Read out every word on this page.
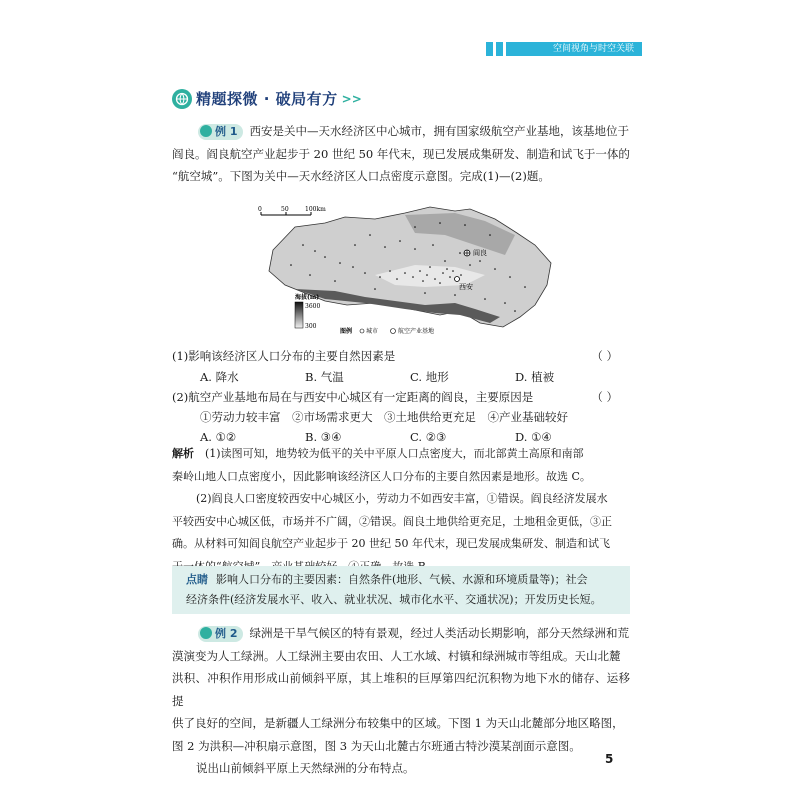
空间视角与时空关联
精题探微 · 破局有方 >>
例 1 西安是关中—天水经济区中心城市，拥有国家级航空产业基地，该基地位于
阎良。阎良航空产业起步于 20 世纪 50 年代末，现已发展成集研发、制造和试飞于一体的
“航空城”。下图为关中—天水经济区人口点密度示意图。完成(1)—(2)题。
0	50	100km
阎良
西安
海拔(m)
3600
300
图例 城市	航空产业基地
(1)影响该经济区人口分布的主要自然因素是	（ ）
A. 降水	B. 气温	C. 地形	D. 植被
(2)航空产业基地布局在与西安中心城区有一定距离的阎良，主要原因是	（ ）
①劳动力较丰富　②市场需求更大　③土地供给更充足　④产业基础较好
A. ①②	B. ③④	C. ②③	D. ①④
解析　 (1)读图可知，地势较为低平的关中平原人口点密度大，而北部黄土高原和南部
秦岭山地人口点密度小，因此影响该经济区人口分布的主要自然因素是地形。故选 C。
(2)阎良人口密度较西安中心城区小，劳动力不如西安丰富，①错误。阎良经济发展水
平较西安中心城区低，市场并不广阔，②错误。阎良土地供给更充足，土地租金更低，③正
确。从材料可知阎良航空产业起步于 20 世纪 50 年代末，现已发展成集研发、制造和试飞
点睛 影响人口分布的主要因素：自然条件(地形、气候、水源和环境质量等)；社会
经济条件(经济发展水平、收入、就业状况、城市化水平、交通状况)；开发历史长短。
例 2 绿洲是干旱气候区的特有景观，经过人类活动长期影响，部分天然绿洲和荒
漠演变为人工绿洲。人工绿洲主要由农田、人工水域、村镇和绿洲城市等组成。天山北麓
洪积、冲积作用形成山前倾斜平原，其上堆积的巨厚第四纪沉积物为地下水的储存、运移提
供了良好的空间，是新疆人工绿洲分布较集中的区域。下图 1 为天山北麓部分地区略图，
图 2 为洪积—冲积扇示意图，图 3 为天山北麓古尔班通古特沙漠某剖面示意图。
说出山前倾斜平原上天然绿洲的分布特点。
5
